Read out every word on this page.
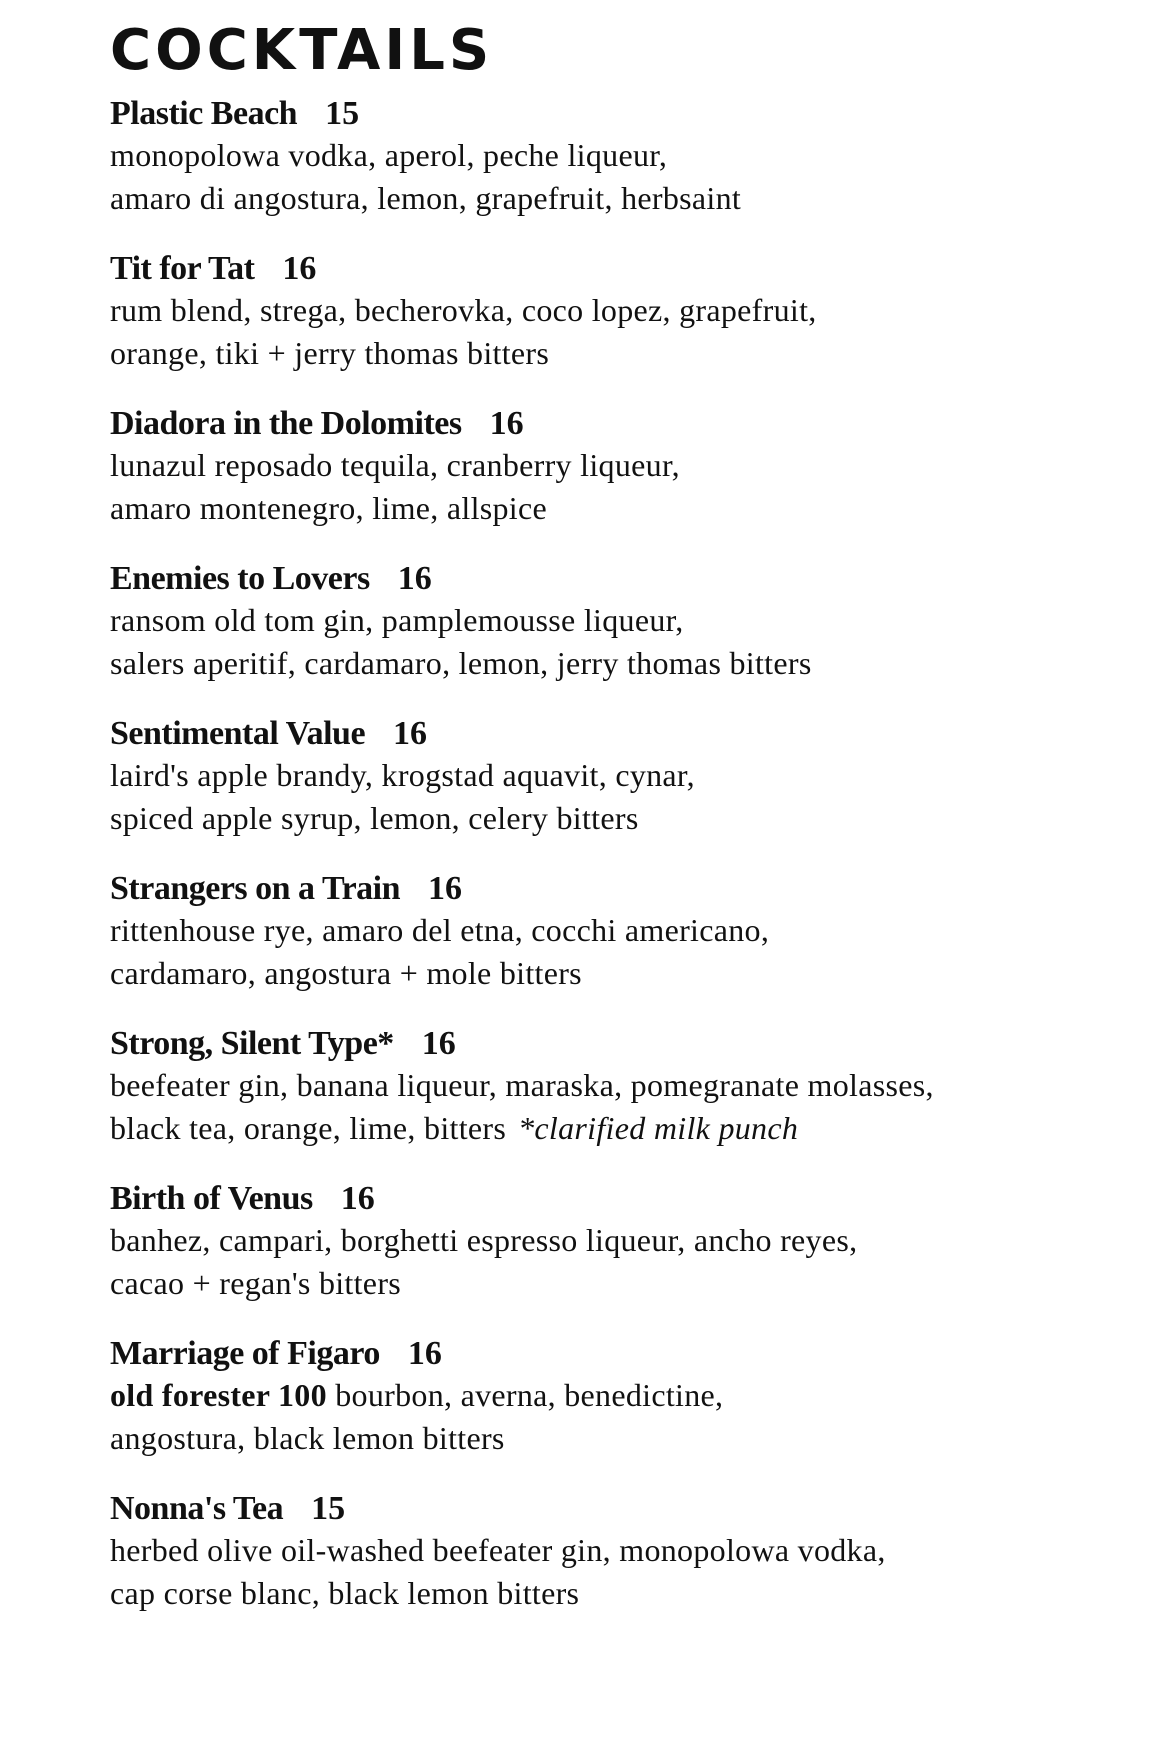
COCKTAILS
Plastic Beach 15
monopolowa vodka, aperol, peche liqueur,
amaro di angostura, lemon, grapefruit, herbsaint
Tit for Tat 16
rum blend, strega, becherovka, coco lopez, grapefruit,
orange, tiki + jerry thomas bitters
Diadora in the Dolomites 16
lunazul reposado tequila, cranberry liqueur,
amaro montenegro, lime, allspice
Enemies to Lovers 16
ransom old tom gin, pamplemousse liqueur,
salers aperitif, cardamaro, lemon, jerry thomas bitters
Sentimental Value 16
laird's apple brandy, krogstad aquavit, cynar,
spiced apple syrup, lemon, celery bitters
Strangers on a Train 16
rittenhouse rye, amaro del etna, cocchi americano,
cardamaro, angostura + mole bitters
Strong, Silent Type* 16
beefeater gin, banana liqueur, maraska, pomegranate molasses,
black tea, orange, lime, bitters *clarified milk punch
Birth of Venus 16
banhez, campari, borghetti espresso liqueur, ancho reyes,
cacao + regan's bitters
Marriage of Figaro 16
old forester 100 bourbon, averna, benedictine,
angostura, black lemon bitters
Nonna's Tea 15
herbed olive oil-washed beefeater gin, monopolowa vodka,
cap corse blanc, black lemon bitters
